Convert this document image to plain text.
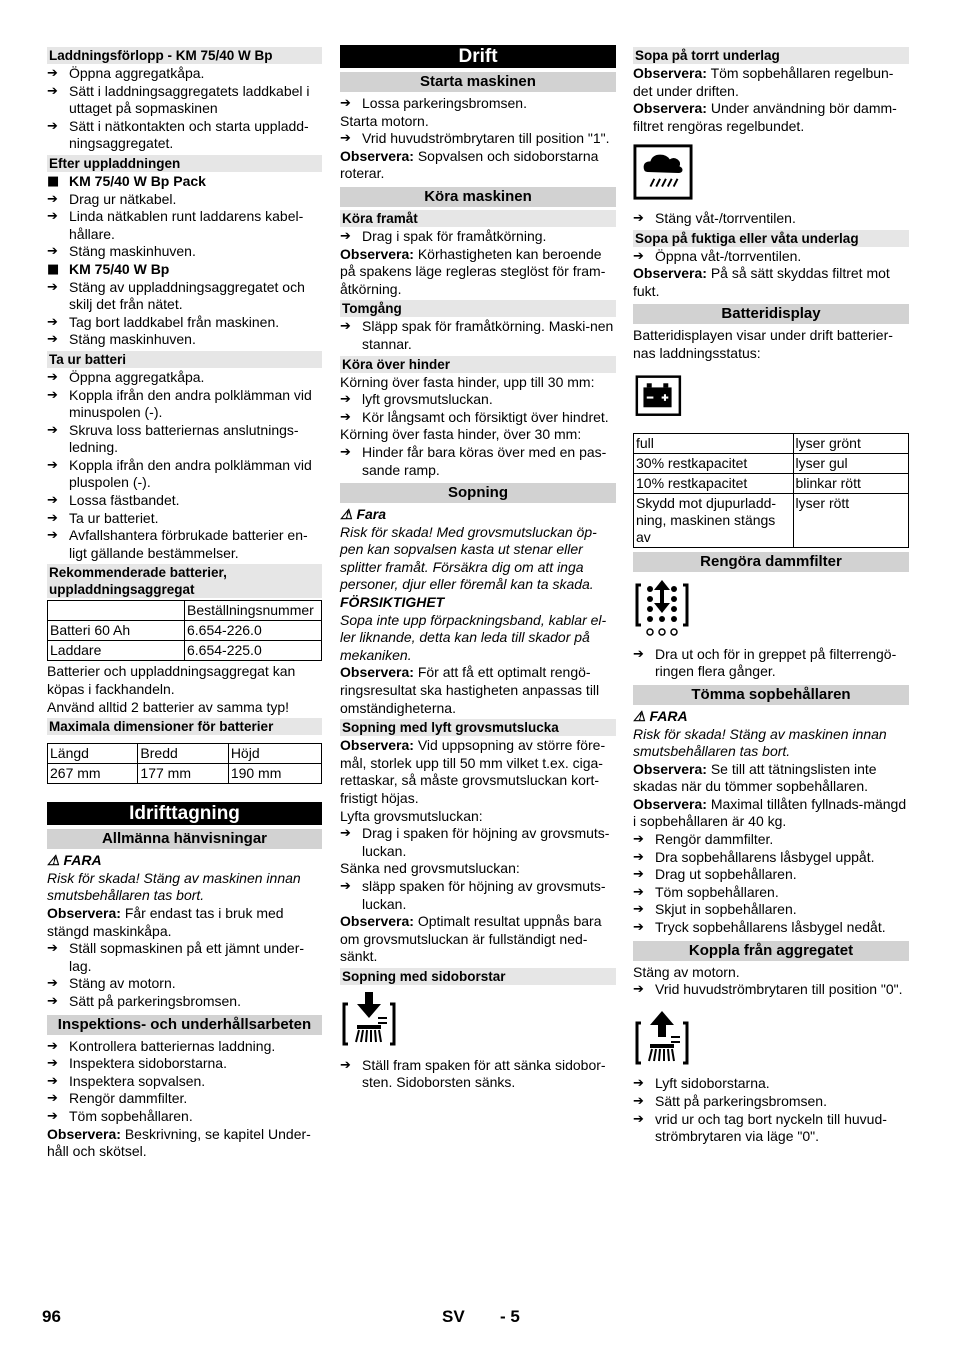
Laddningsförlopp - KM 75/40 W Bp
➔ Öppna aggregatkåpa.
➔ Sätt i laddningsaggregatets laddkabel i uttaget på sopmaskinen
➔ Sätt i nätkontakten och starta uppladd-ningsaggregatet.
Efter uppladdningen
■ KM 75/40 W Bp Pack
➔ Drag ur nätkabel.
➔ Linda nätkablen runt laddarens kabel-hållare.
➔ Stäng maskinhuven.
■ KM 75/40 W Bp
➔ Stäng av uppladdningsaggregatet och skilj det från nätet.
➔ Tag bort laddkabel från maskinen.
➔ Stäng maskinhuven.
Ta ur batteri
➔ Öppna aggregatkåpa.
➔ Koppla ifrån den andra polklämman vid minuspolen (-).
➔ Skruva loss batteriernas anslutnings-ledning.
➔ Koppla ifrån den andra polklämman vid pluspolen (-).
➔ Lossa fästbandet.
➔ Ta ur batteriet.
➔ Avfallshantera förbrukade batterier en-ligt gällande bestämmelser.
Rekommenderade batterier, uppladdningsaggregat
	Beställningsnummer
Batteri 60 Ah	6.654-226.0
Laddare	6.654-225.0

Batterier och uppladdningsaggregat kan köpas i fackhandeln.

Använd alltid 2 batterier av samma typ!

Maximala dimensioner för batterier
Längd	Bredd	Höjd
267 mm	177 mm	190 mm
Idrifttagning
Allmänna hänvisningar

⚠ FARA

Risk för skada! Stäng av maskinen innan smutsbehållaren tas bort.

Observera: Får endast tas i bruk med stängd maskinkåpa.

➔ Ställ sopmaskinen på ett jämnt under-lag.
➔ Stäng av motorn.
➔ Sätt på parkeringsbromsen.
Inspektions- och underhållsarbeten
➔ Kontrollera batteriernas laddning.
➔ Inspektera sidoborstarna.
➔ Inspektera sopvalsen.
➔ Rengör dammfilter.
➔ Töm sopbehållaren.

Observera: Beskrivning, se kapitel Under-håll och skötsel.

Drift
Starta maskinen
➔ Lossa parkeringsbromsen.

Starta motorn.

➔ Vrid huvudströmbrytaren till position "1".

Observera: Sopvalsen och sidoborstarna roterar.

Köra maskinen
Köra framåt
➔ Drag i spak för framåtkörning.

Observera: Körhastigheten kan beroende på spakens läge regleras steglöst för fram-åtkörning.

Tomgång
➔ Släpp spak för framåtkörning. Maski-nen stannar.
Köra över hinder

Körning över fasta hinder, upp till 30 mm:

➔ lyft grovsmutsluckan.
➔ Kör långsamt och försiktigt över hindret.

Körning över fasta hinder, över 30 mm:

➔ Hinder får bara köras över med en pas-sande ramp.
Sopning

⚠ Fara

Risk för skada! Med grovsmutsluckan öp-pen kan sopvalsen kasta ut stenar eller splitter framåt. Försäkra dig om att inga personer, djur eller föremål kan ta skada.

FÖRSIKTIGHET

Sopa inte upp förpackningsband, kablar el-ler liknande, detta kan leda till skador på mekaniken.

Observera: För att få ett optimalt rengö-ringsresultat ska hastigheten anpassas till omständigheterna.

Sopning med lyft grovsmutslucka

Observera: Vid uppsopning av större före-mål, storlek upp till 50 mm vilket t.ex. ciga-rettaskar, så måste grovsmutsluckan kort-fristigt höjas.

Lyfta grovsmutsluckan:

➔ Drag i spaken för höjning av grovsmuts-luckan.

Sänka ned grovsmutsluckan:

➔ släpp spaken för höjning av grovsmuts-luckan.

Observera: Optimalt resultat uppnås bara om grovsmutsluckan är fullständigt ned-sänkt.

Sopning med sidoborstar
➔ Ställ fram spaken för att sänka sidobor-sten. Sidoborsten sänks.
Sopa på torrt underlag

Observera: Töm sopbehållaren regelbun-det under driften.

Observera: Under användning bör damm-filtret rengöras regelbundet.

➔ Stäng våt-/torrventilen.
Sopa på fuktiga eller våta underlag
➔ Öppna våt-/torrventilen.

Observera: På så sätt skyddas filtret mot fukt.

Batteridisplay

Batteridisplayen visar under drift batterier-nas laddningsstatus:

full	lyser grönt
30% restkapacitet	lyser gul
10% restkapacitet	blinkar rött
Skydd mot djupurladd-ning, maskinen stängs av	lyser rött
Rengöra dammfilter
➔ Dra ut och för in greppet på filterrengö-ringen flera gånger.
Tömma sopbehållaren

⚠ FARA

Risk för skada! Stäng av maskinen innan smutsbehållaren tas bort.

Observera: Se till att tätningslisten inte skadas när du tömmer sopbehållaren.

Observera: Maximal tillåten fyllnads-mängd i sopbehållaren är 40 kg.

➔ Rengör dammfilter.
➔ Dra sopbehållarens låsbygel uppåt.
➔ Drag ut sopbehållaren.
➔ Töm sopbehållaren.
➔ Skjut in sopbehållaren.
➔ Tryck sopbehållarens låsbygel nedåt.
Koppla från aggregatet

Stäng av motorn.

➔ Vrid huvudströmbrytaren till position "0".
➔ Lyft sidoborstarna.
➔ Sätt på parkeringsbromsen.
➔ vrid ur och tag bort nyckeln till huvud-strömbrytaren via läge "0".
96	SV - 5
